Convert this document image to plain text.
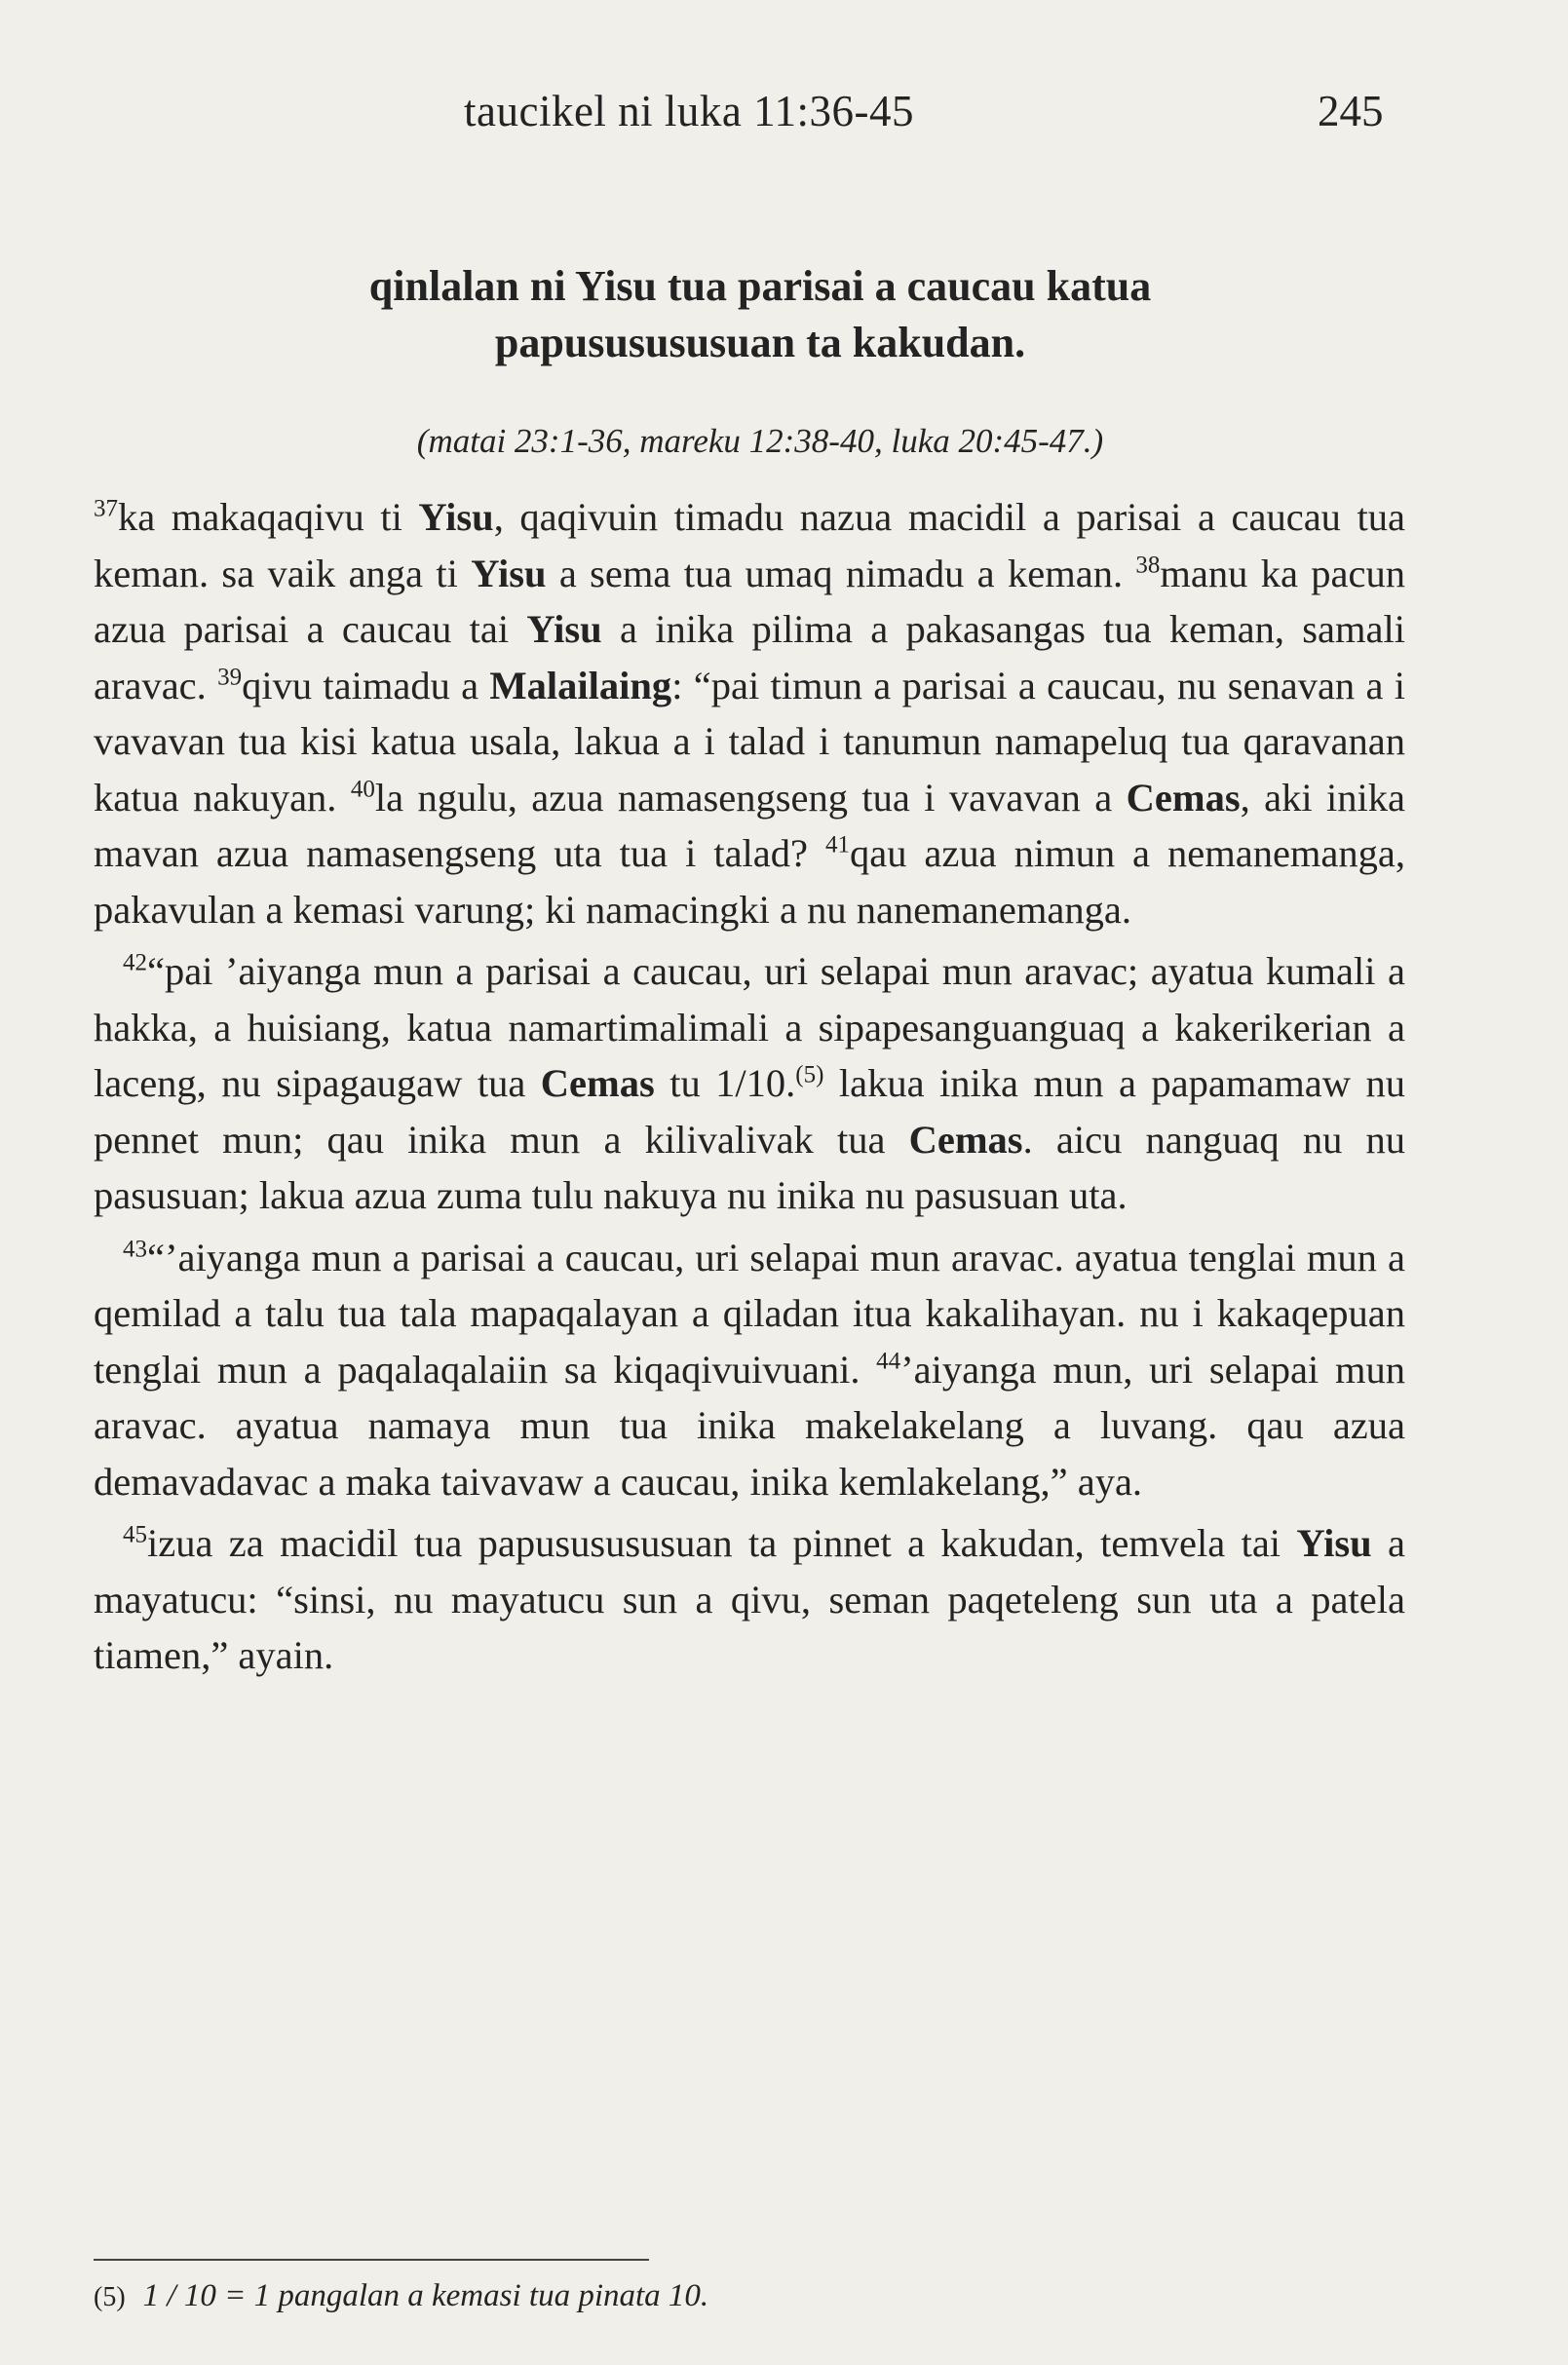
taucikel ni luka 11:36-45	245
qinlalan ni Yisu tua parisai a caucau katua
papususususuan ta kakudan.
(matai 23:1-36, mareku 12:38-40, luka 20:45-47.)

$^{37}$ka makaqaqivu ti Yisu, qaqivuin timadu nazua macidil a parisai a caucau tua keman. sa vaik anga ti Yisu a sema tua umaq nimadu a keman. $^{38}$manu ka pacun azua parisai a caucau tai Yisu a inika pilima a pakasangas tua keman, samali aravac. $^{39}$qivu taimadu a Malailaing: “pai timun a parisai a caucau, nu senavan a i vavavan tua kisi katua usala, lakua a i talad i tanumun namapeluq tua qaravanan katua nakuyan. $^{40}$la ngulu, azua namasengseng tua i vavavan a Cemas, aki inika mavan azua namasengseng uta tua i talad? $^{41}$qau azua nimun a nemanemanga, pakavulan a kemasi varung; ki namacingki a nu nanemanemanga.

$^{42}$“pai ’aiyanga mun a parisai a caucau, uri selapai mun aravac; ayatua kumali a hakka, a huisiang, katua namartimalimali a sipapesanguanguaq a kakerikerian a laceng, nu sipagaugaw tua Cemas tu 1/10.$^{(5)}$ lakua inika mun a papamamaw nu pennet mun; qau inika mun a kilivalivak tua Cemas. aicu nanguaq nu nu pasusuan; lakua azua zuma tulu nakuya nu inika nu pasusuan uta.

$^{43}$“’aiyanga mun a parisai a caucau, uri selapai mun aravac. ayatua tenglai mun a qemilad a talu tua tala mapaqalayan a qiladan itua kakalihayan. nu i kakaqepuan tenglai mun a paqalaqalaiin sa kiqaqivuivuani. $^{44}$’aiyanga mun, uri selapai mun aravac. ayatua namaya mun tua inika makelakelang a luvang. qau azua demavadavac a maka taivavaw a caucau, inika kemlakelang,” aya.

$^{45}$izua za macidil tua papususususuan ta pinnet a kakudan, temvela tai Yisu a mayatucu: “sinsi, nu mayatucu sun a qivu, seman paqeteleng sun uta a patela tiamen,” ayain.

(5) 1 / 10 = 1 pangalan a kemasi tua pinata 10.
